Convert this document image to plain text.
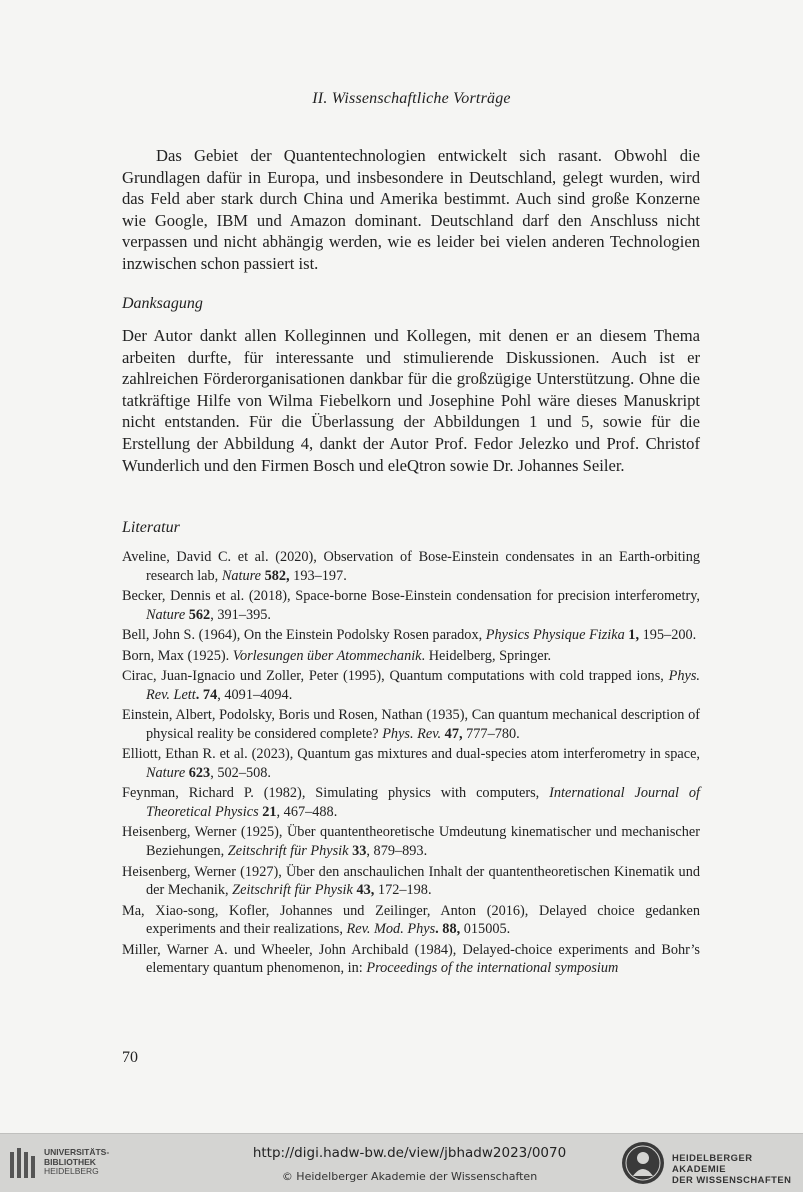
II. Wissenschaftliche Vorträge

Das Gebiet der Quantentechnologien entwickelt sich rasant. Obwohl die Grundlagen dafür in Europa, und insbesondere in Deutschland, gelegt wurden, wird das Feld aber stark durch China und Amerika bestimmt. Auch sind große Konzerne wie Google, IBM und Amazon dominant. Deutschland darf den Anschluss nicht verpassen und nicht abhängig werden, wie es leider bei vielen anderen Technologien inzwischen schon passiert ist.

Danksagung

Der Autor dankt allen Kolleginnen und Kollegen, mit denen er an diesem Thema arbeiten durfte, für interessante und stimulierende Diskussionen. Auch ist er zahlreichen Förderorganisationen dankbar für die großzügige Unterstützung. Ohne die tatkräftige Hilfe von Wilma Fiebelkorn und Josephine Pohl wäre dieses Manuskript nicht entstanden. Für die Überlassung der Abbildungen 1 und 5, sowie für die Erstellung der Abbildung 4, dankt der Autor Prof. Fedor Jelezko und Prof. Christof Wunderlich und den Firmen Bosch und eleQtron sowie Dr. Johannes Seiler.

Literatur
Aveline, David C. et al. (2020), Observation of Bose-Einstein condensates in an Earth-orbiting research lab, Nature 582, 193–197.
Becker, Dennis et al. (2018), Space-borne Bose-Einstein condensation for precision interferometry, Nature 562, 391–395.
Bell, John S. (1964), On the Einstein Podolsky Rosen paradox, Physics Physique Fizika 1, 195–200.
Born, Max (1925). Vorlesungen über Atommechanik. Heidelberg, Springer.
Cirac, Juan-Ignacio und Zoller, Peter (1995), Quantum computations with cold trapped ions, Phys. Rev. Lett. 74, 4091–4094.
Einstein, Albert, Podolsky, Boris und Rosen, Nathan (1935), Can quantum mechanical description of physical reality be considered complete? Phys. Rev. 47, 777–780.
Elliott, Ethan R. et al. (2023), Quantum gas mixtures and dual-species atom interferometry in space, Nature 623, 502–508.
Feynman, Richard P. (1982), Simulating physics with computers, International Journal of Theoretical Physics 21, 467–488.
Heisenberg, Werner (1925), Über quantentheoretische Umdeutung kinematischer und mechanischer Beziehungen, Zeitschrift für Physik 33, 879–893.
Heisenberg, Werner (1927), Über den anschaulichen Inhalt der quantentheoretischen Kinematik und der Mechanik, Zeitschrift für Physik 43, 172–198.
Ma, Xiao-song, Kofler, Johannes und Zeilinger, Anton (2016), Delayed choice gedanken experiments and their realizations, Rev. Mod. Phys. 88, 015005.
Miller, Warner A. und Wheeler, John Archibald (1984), Delayed-choice experiments and Bohr’s elementary quantum phenomenon, in: Proceedings of the international symposium
70
UNIVERSITÄTS-
BIBLIOTHEK
HEIDELBERG
http://digi.hadw-bw.de/view/jbhadw2023/0070
© Heidelberger Akademie der Wissenschaften
HEIDELBERGER AKADEMIE
DER WISSENSCHAFTEN
